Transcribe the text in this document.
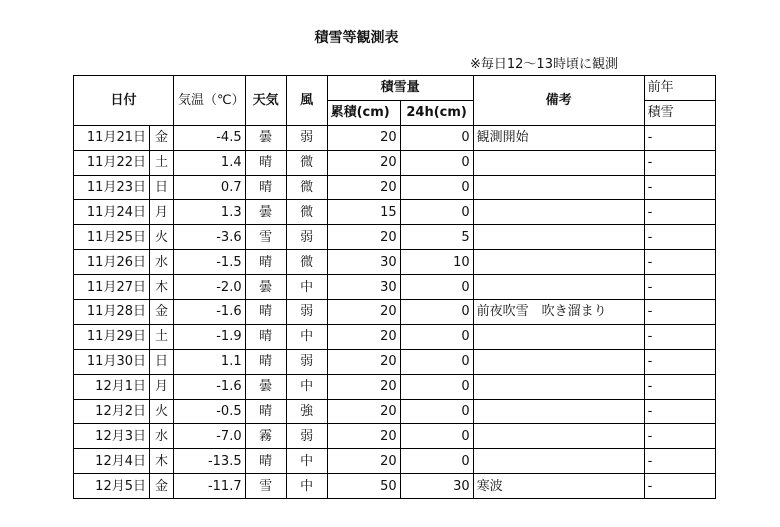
積雪等観測表
※毎日12～13時頃に観測
日付		気温（℃）	天気	風	積雪量		備考	前年
					累積(cm)	24h(cm)		積雪
11月21日	金	-4.5	曇	弱	20	0	観測開始	-
11月22日	土	1.4	晴	微	20	0		-
11月23日	日	0.7	晴	微	20	0		-
11月24日	月	1.3	曇	微	15	0		-
11月25日	火	-3.6	雪	弱	20	5		-
11月26日	水	-1.5	晴	微	30	10		-
11月27日	木	-2.0	曇	中	30	0		-
11月28日	金	-1.6	晴	弱	20	0	前夜吹雪　吹き溜まり	-
11月29日	土	-1.9	晴	中	20	0		-
11月30日	日	1.1	晴	弱	20	0		-
12月1日	月	-1.6	曇	中	20	0		-
12月2日	火	-0.5	晴	強	20	0		-
12月3日	水	-7.0	霧	弱	20	0		-
12月4日	木	-13.5	晴	中	20	0		-
12月5日	金	-11.7	雪	中	50	30	寒波	-
